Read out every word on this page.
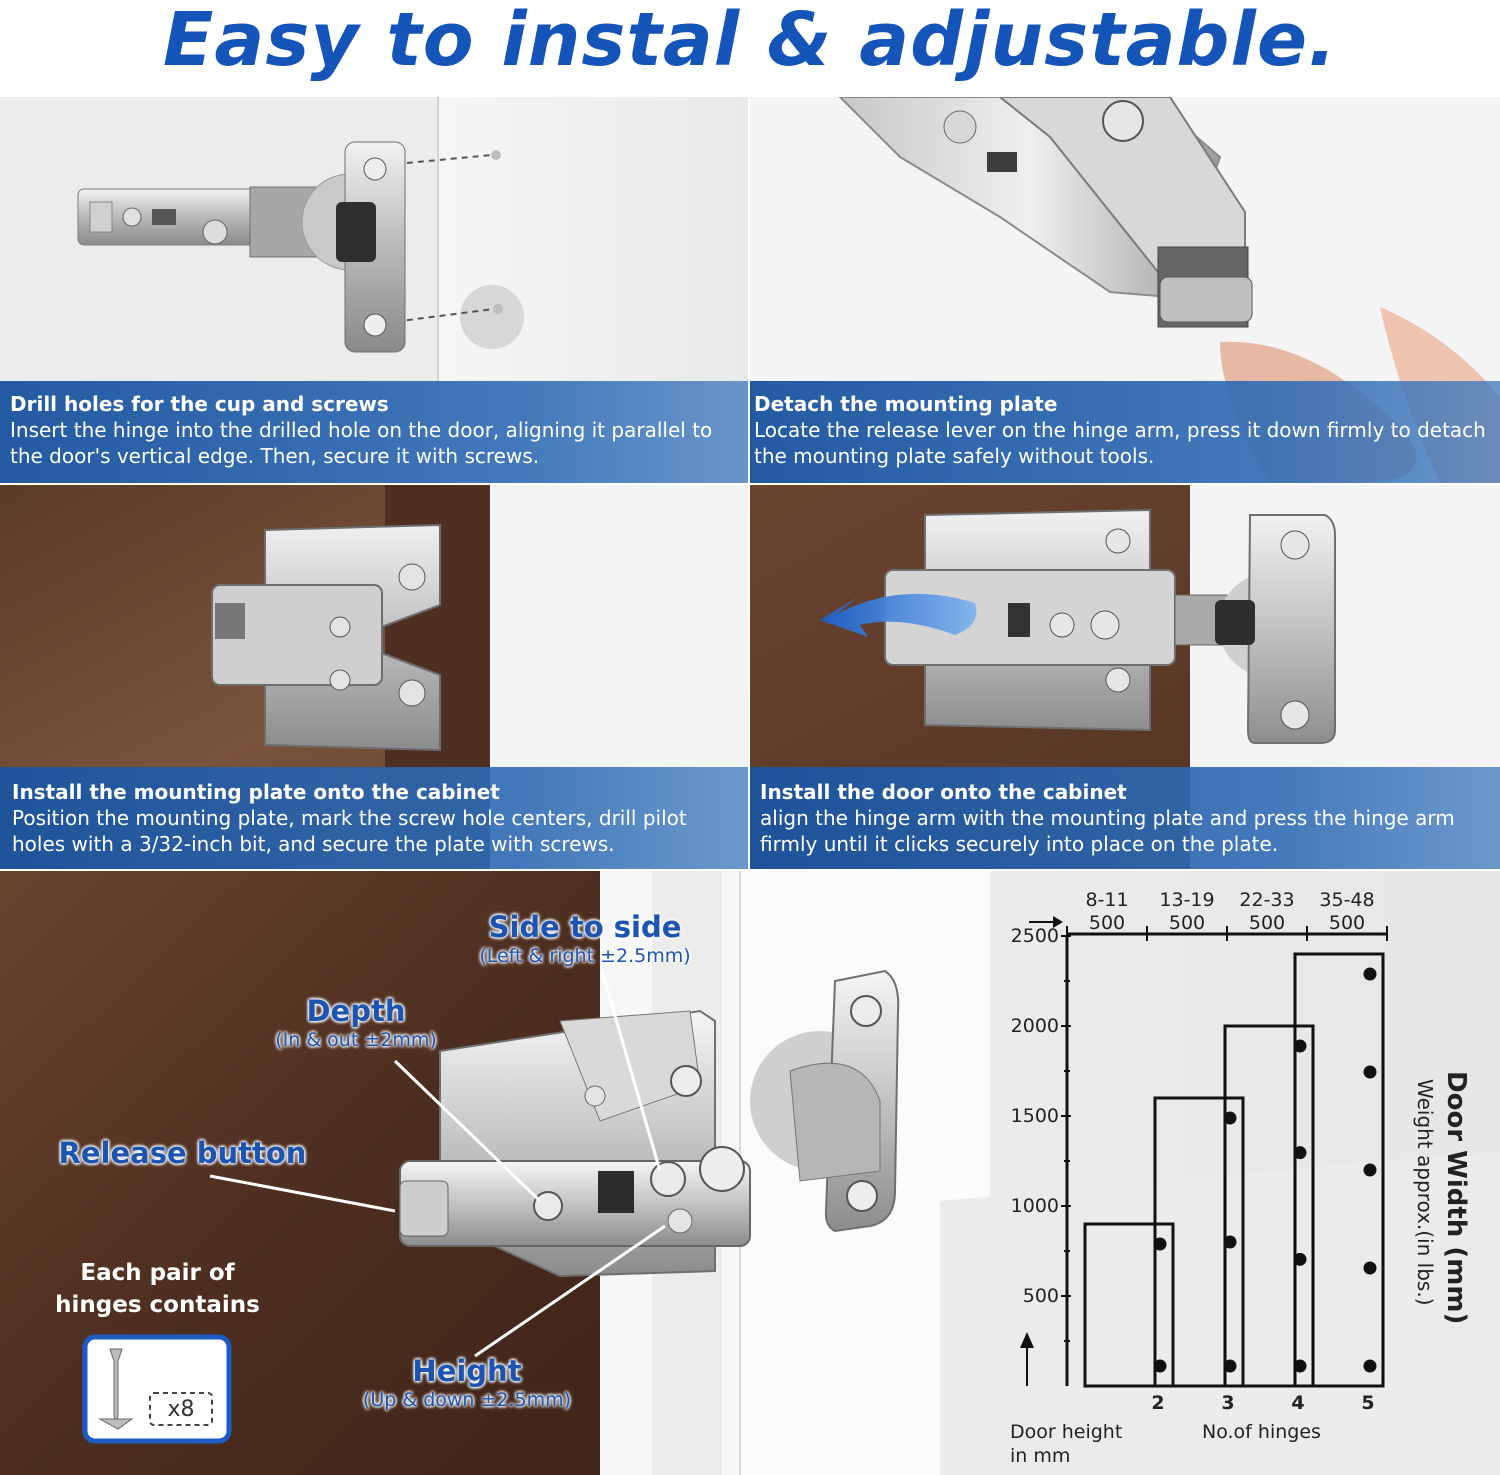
Easy to instal & adjustable.
Drill holes for the cup and screws
Insert the hinge into the drilled hole on the door, aligning it parallel to
the door's vertical edge. Then, secure it with screws.
Detach the mounting plate
Locate the release lever on the hinge arm, press it down firmly to detach
the mounting plate safely without tools.
Install the mounting plate onto the cabinet
Position the mounting plate, mark the screw hole centers, drill pilot
holes with a 3/32-inch bit, and secure the plate with screws.
Install the door onto the cabinet
align the hinge arm with the mounting plate and press the hinge arm
firmly until it clicks securely into place on the plate.
x8
Each pair of
hinges contains
Side to side
(Left & right ±2.5mm)
Depth
(In & out ±2mm)
Release button
Height
(Up & down ±2.5mm)
2500
2000
1500
1000
500
8-11
500
13-19
500
22-33
500
35-48
500
2	3	4	5
Door height
in mm
No.of hinges
Door Width (mm)
Weight approx.(in lbs.)
